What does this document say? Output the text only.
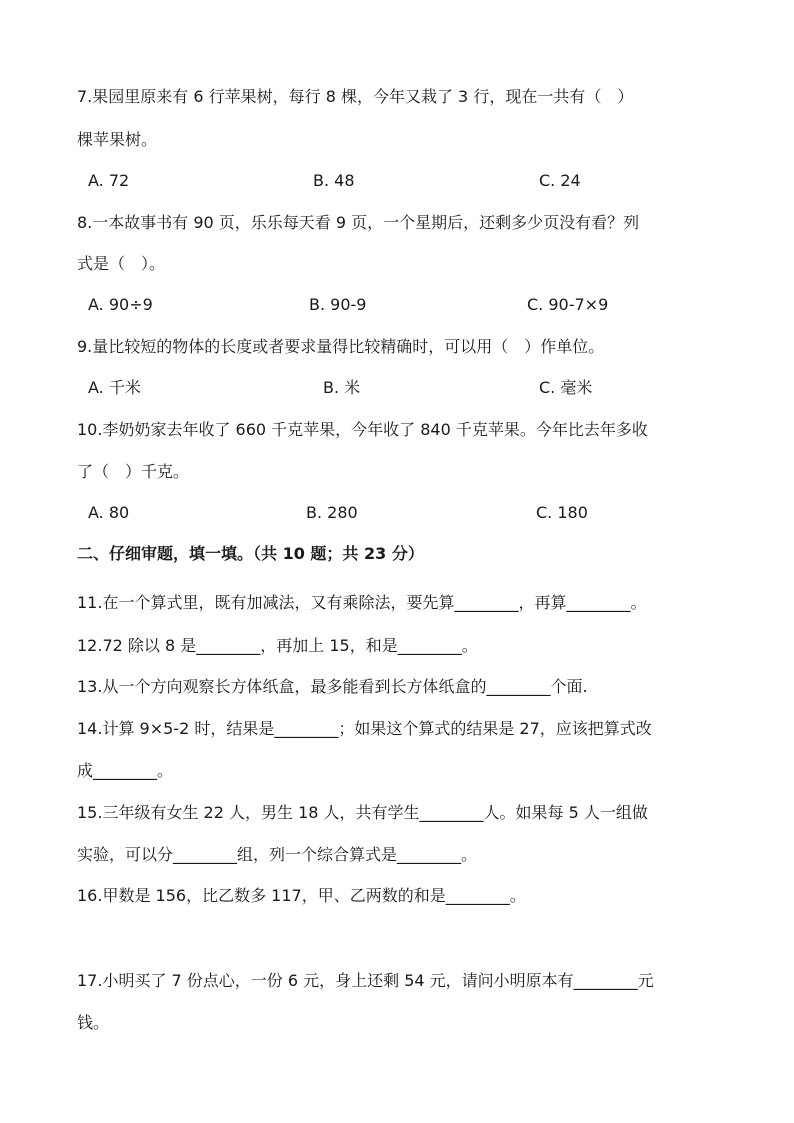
7.果园里原来有 6 行苹果树，每行 8 棵，今年又栽了 3 行，现在一共有（　）
棵苹果树。
A. 72	B. 48	C. 24
8.一本故事书有 90 页，乐乐每天看 9 页，一个星期后，还剩多少页没有看？列
式是（　）。
A. 90÷9	B. 90-9	C. 90-7×9
9.量比较短的物体的长度或者要求量得比较精确时，可以用（　）作单位。
A. 千米	B. 米	C. 毫米
10.李奶奶家去年收了 660 千克苹果，今年收了 840 千克苹果。今年比去年多收
了（　）千克。
A. 80	B. 280	C. 180
二、仔细审题，填一填。（共 10 题；共 23 分）
11.在一个算式里，既有加减法，又有乘除法，要先算________，再算________。
12.72 除以 8 是________，再加上 15，和是________。
13.从一个方向观察长方体纸盒，最多能看到长方体纸盒的________个面.
14.计算 9×5-2 时，结果是________；如果这个算式的结果是 27，应该把算式改
成________。
15.三年级有女生 22 人，男生 18 人，共有学生________人。如果每 5 人一组做
实验，可以分________组，列一个综合算式是________。
16.甲数是 156，比乙数多 117，甲、乙两数的和是________。
17.小明买了 7 份点心，一份 6 元，身上还剩 54 元，请问小明原本有________元
钱。
